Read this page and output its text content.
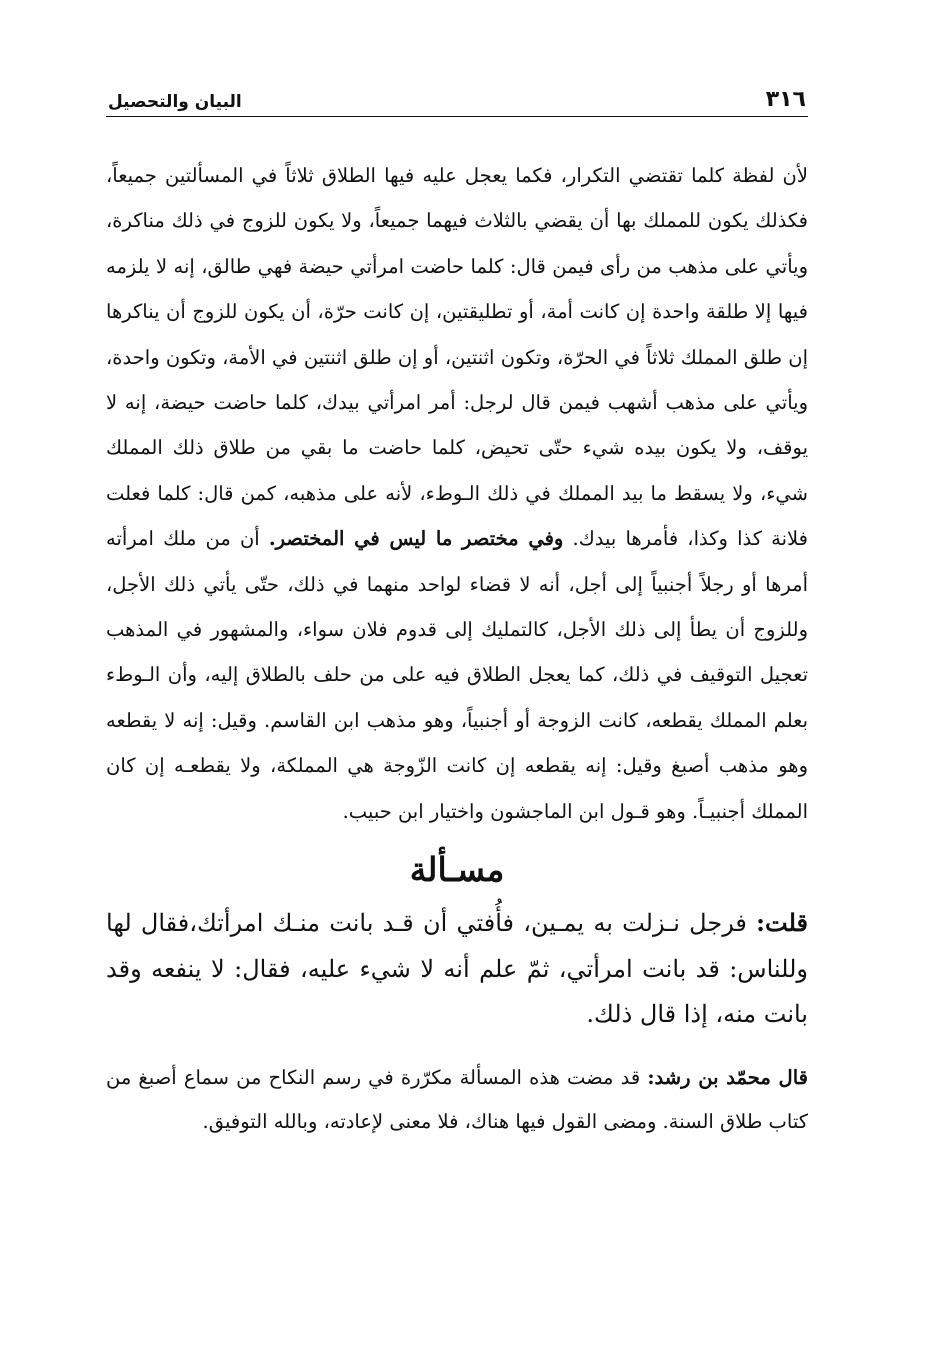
٣١٦
البيان والتحصيل
لأن لفظة كلما تقتضي التكرار، فكما يعجل عليه فيها الطلاق ثلاثاً في المسألتين جميعاً، فكذلك يكون للمملك بها أن يقضي بالثلاث فيهما جميعاً، ولا يكون للزوج في ذلك مناكرة، ويأتي على مذهب من رأى فيمن قال: كلما حاضت امرأتي حيضة فهي طالق، إنه لا يلزمه فيها إلا طلقة واحدة إن كانت أمة، أو تطليقتين، إن كانت حرّة، أن يكون للزوج أن يناكرها إن طلق المملك ثلاثاً في الحرّة، وتكون اثنتين، أو إن طلق اثنتين في الأمة، وتكون واحدة، ويأتي على مذهب أشهب فيمن قال لرجل: أمر امرأتي بيدك، كلما حاضت حيضة، إنه لا يوقف، ولا يكون بيده شيء حتّى تحيض، كلما حاضت ما بقي من طلاق ذلك المملك شيء، ولا يسقط ما بيد المملك في ذلك الـوطء، لأنه على مذهبه، كمن قال: كلما فعلت فلانة كذا وكذا، فأمرها بيدك. وفي مختصر ما ليس في المختصر. أن من ملك امرأته أمرها أو رجلاً أجنبياً إلى أجل، أنه لا قضاء لواحد منهما في ذلك، حتّى يأتي ذلك الأجل، وللزوج أن يطأ إلى ذلك الأجل، كالتمليك إلى قدوم فلان سواء، والمشهور في المذهب تعجيل التوقيف في ذلك، كما يعجل الطلاق فيه على من حلف بالطلاق إليه، وأن الـوطء بعلم المملك يقطعه، كانت الزوجة أو أجنبياً، وهو مذهب ابن القاسم. وقيل: إنه لا يقطعه وهو مذهب أصبغ وقيل: إنه يقطعه إن كانت الزّوجة هي المملكة، ولا يقطعـه إن كان المملك أجنبيـاً. وهو قـول ابن الماجشون واختيار ابن حبيب.
مسـألة
قلت: فرجل نـزلت به يمـين، فأُفتي أن قـد بانت منـك امرأتك،فقال لها وللناس: قد بانت امرأتي، ثمّ علم أنه لا شيء عليه، فقال: لا ينفعه وقد بانت منه، إذا قال ذلك.
قال محمّد بن رشد: قد مضت هذه المسألة مكرّرة في رسم النكاح من سماع أصبغ من كتاب طلاق السنة. ومضى القول فيها هناك، فلا معنى لإعادته، وبالله التوفيق.
